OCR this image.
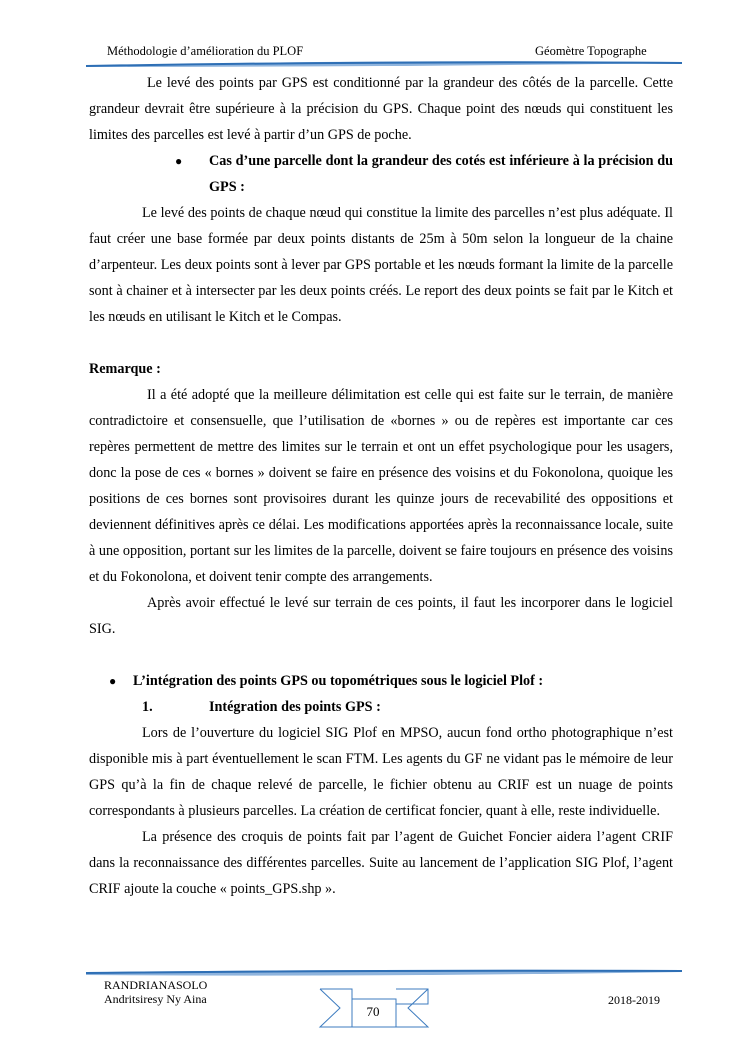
Méthodologie d’amélioration du PLOF	Géomètre Topographe

Le levé des points par GPS est conditionné par la grandeur des côtés de la parcelle. Cette grandeur devrait être supérieure à la précision du GPS. Chaque point des nœuds qui constituent les limites des parcelles est levé à partir d’un GPS de poche.

● Cas d’une parcelle dont la grandeur des cotés est inférieure à la précision du GPS :

Le levé des points de chaque nœud qui constitue la limite des parcelles n’est plus adéquate. Il faut créer une base formée par deux points distants de 25m à 50m selon la longueur de la chaine d’arpenteur. Les deux points sont à lever par GPS portable et les nœuds formant la limite de la parcelle sont à chainer et à intersecter par les deux points créés. Le report des deux points se fait par le Kitch et les nœuds en utilisant le Kitch et le Compas.

Remarque :

Il a été adopté que la meilleure délimitation est celle qui est faite sur le terrain, de manière contradictoire et consensuelle, que l’utilisation de «bornes » ou de repères est importante car ces repères permettent de mettre des limites sur le terrain et ont un effet psychologique pour les usagers, donc la pose de ces « bornes » doivent se faire en présence des voisins et du Fokonolona, quoique les positions de ces bornes sont provisoires durant les quinze jours de recevabilité des oppositions et deviennent définitives après ce délai. Les modifications apportées après la reconnaissance locale, suite à une opposition, portant sur les limites de la parcelle, doivent se faire toujours en présence des voisins et du Fokonolona, et doivent tenir compte des arrangements.

Après avoir effectué le levé sur terrain de ces points, il faut les incorporer dans le logiciel SIG.

● L’intégration des points GPS ou topométriques sous le logiciel Plof :
1.	Intégration des points GPS :

Lors de l’ouverture du logiciel SIG Plof en MPSO, aucun fond ortho photographique n’est disponible mis à part éventuellement le scan FTM. Les agents du GF ne vidant pas le mémoire de leur GPS qu’à la fin de chaque relevé de parcelle, le fichier obtenu au CRIF est un nuage de points correspondants à plusieurs parcelles. La création de certificat foncier, quant à elle, reste individuelle.

La présence des croquis de points fait par l’agent de Guichet Foncier aidera l’agent CRIF dans la reconnaissance des différentes parcelles. Suite au lancement de l’application SIG Plof, l’agent CRIF ajoute la couche « points_GPS.shp ».

RANDRIANASOLO
Andritsiresy Ny Aina
70
2018-2019
